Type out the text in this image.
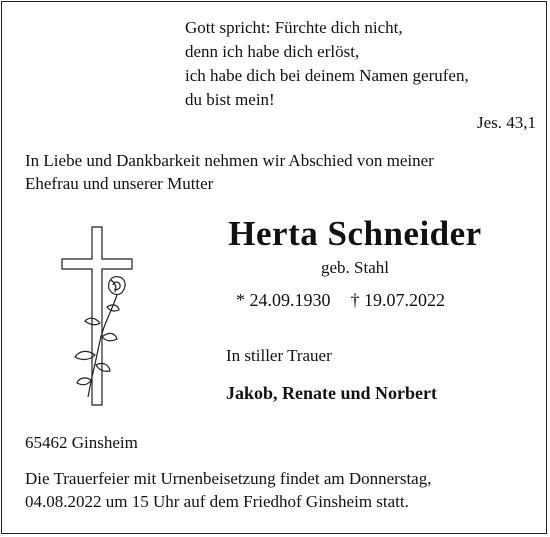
Gott spricht: Fürchte dich nicht,
denn ich habe dich erlöst,
ich habe dich bei deinem Namen gerufen,
du bist mein!
Jes. 43,1
In Liebe und Dankbarkeit nehmen wir Abschied von meiner
Ehefrau und unserer Mutter
Herta Schneider
geb. Stahl
* 24.09.1930 † 19.07.2022
In stiller Trauer
Jakob, Renate und Norbert
65462 Ginsheim
Die Trauerfeier mit Urnenbeisetzung findet am Donnerstag,
04.08.2022 um 15 Uhr auf dem Friedhof Ginsheim statt.
